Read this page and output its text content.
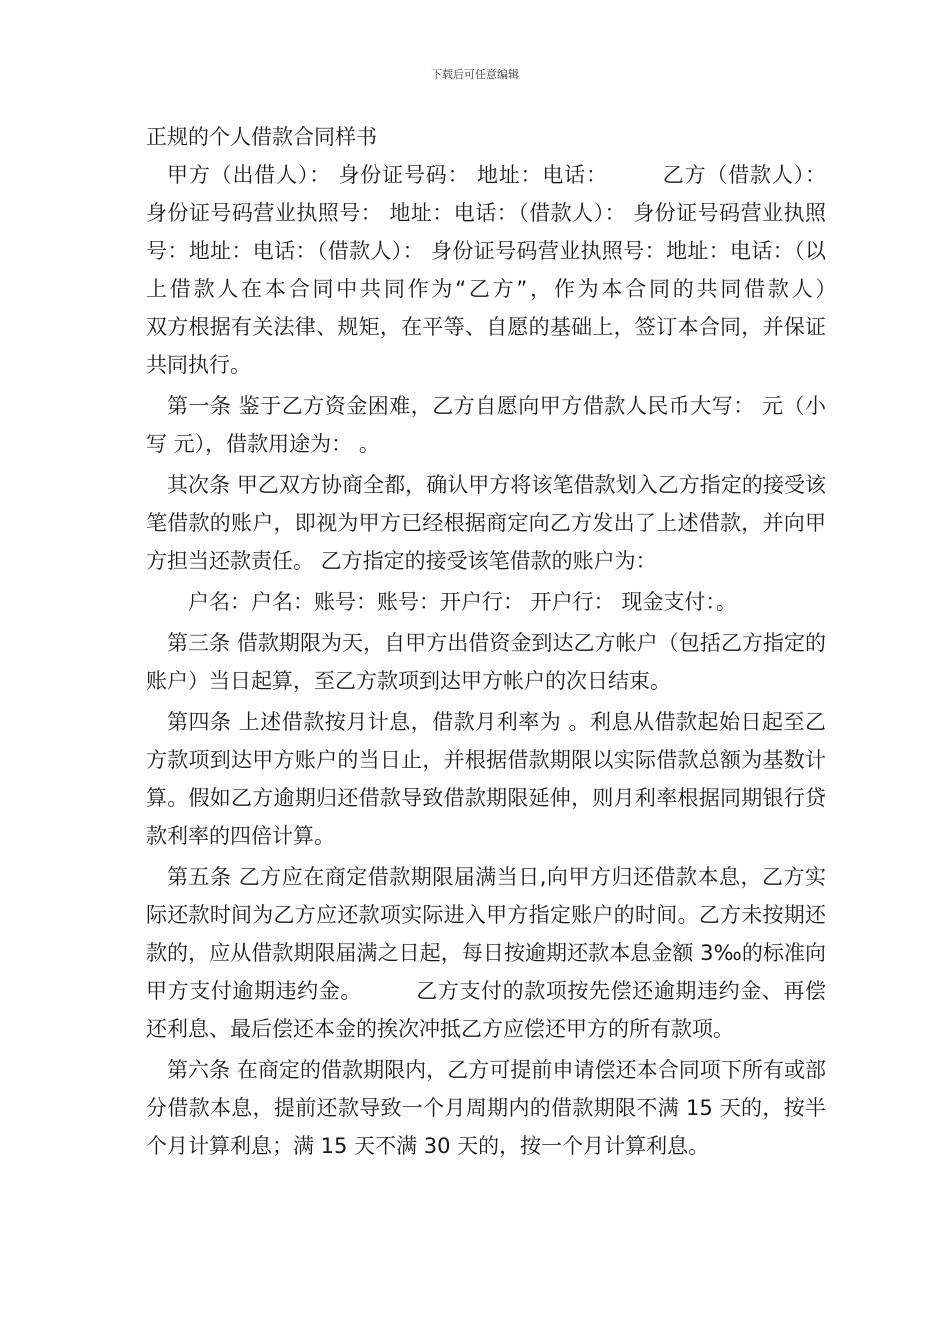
下载后可任意编辑
正规的个人借款合同样书

甲方（出借人）： 身份证号码： 地址：电话：　　　乙方（借款人）： 身份证号码营业执照号： 地址：电话：（借款人）： 身份证号码营业执照号：地址：电话：（借款人）： 身份证号码营业执照号：地址：电话：（以上借款人在本合同中共同作为“乙方”，作为本合同的共同借款人）　　　双方根据有关法律、规矩，在平等、自愿的基础上，签订本合同，并保证共同执行。

第一条 鉴于乙方资金困难，乙方自愿向甲方借款人民币大写： 元（小写 元），借款用途为： 。

其次条 甲乙双方协商全都，确认甲方将该笔借款划入乙方指定的接受该笔借款的账户，即视为甲方已经根据商定向乙方发出了上述借款，并向甲方担当还款责任。 乙方指定的接受该笔借款的账户为：

户名：户名：账号：账号：开户行： 开户行： 现金支付：。

第三条 借款期限为天，自甲方出借资金到达乙方帐户（包括乙方指定的账户）当日起算，至乙方款项到达甲方帐户的次日结束。

第四条 上述借款按月计息，借款月利率为 。利息从借款起始日起至乙方款项到达甲方账户的当日止，并根据借款期限以实际借款总额为基数计算。假如乙方逾期归还借款导致借款期限延伸，则月利率根据同期银行贷款利率的四倍计算。

第五条 乙方应在商定借款期限届满当日,向甲方归还借款本息，乙方实际还款时间为乙方应还款项实际进入甲方指定账户的时间。乙方未按期还款的，应从借款期限届满之日起，每日按逾期还款本息金额 3‰的标准向甲方支付逾期违约金。　　　乙方支付的款项按先偿还逾期违约金、再偿还利息、最后偿还本金的挨次冲抵乙方应偿还甲方的所有款项。

第六条 在商定的借款期限内，乙方可提前申请偿还本合同项下所有或部分借款本息，提前还款导致一个月周期内的借款期限不满 15 天的，按半个月计算利息；满 15 天不满 30 天的，按一个月计算利息。
